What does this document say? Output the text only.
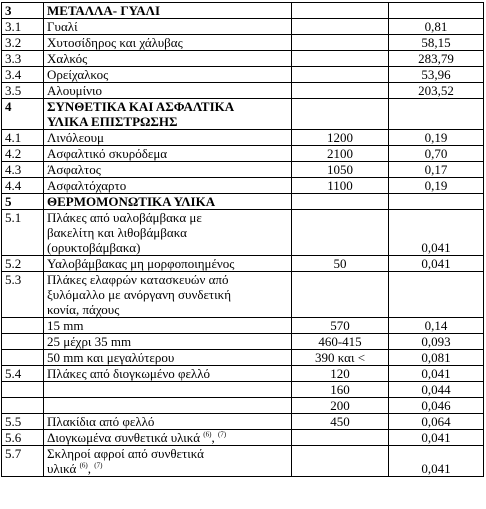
3	ΜΕΤΑΛΛΑ- ΓΥΑΛΙ		
3.1	Γυαλί		0,81
3.2	Χυτοσίδηρος και χάλυβας		58,15
3.3	Χαλκός		283,79
3.4	Ορείχαλκος		53,96
3.5	Αλουμίνιο		203,52
4	ΣΥΝΘΕΤΙΚΑ ΚΑΙ ΑΣΦΑΛΤΙΚΑ
ΥΛΙΚΑ ΕΠΙΣΤΡΩΣΗΣ		

4.1	Λινόλεουμ	1200	0,19
4.2	Ασφαλτικό σκυρόδεμα	2100	0,70
4.3	Άσφαλτος	1050	0,17
4.4	Ασφαλτόχαρτο	1100	0,19
5	ΘΕΡΜΟΜΟΝΩΤΙΚΑ ΥΛΙΚΑ		
5.1	Πλάκες από υαλοβάμβακα με
βακελίτη και λιθοβάμβακα
(ορυκτοβάμβακα)		0,041
5.2	Υαλοβάμβακας μη μορφοποιημένος	50	0,041
5.3	Πλάκες ελαφρών κατασκευών από
ξυλόμαλλο με ανόργανη συνδετική
κονία, πάχους		

	15 mm	570	0,14
	25 μέχρι 35 mm	460-415	0,093
	50 mm και μεγαλύτερου	390 και <	0,081
5.4	Πλάκες από διογκωμένο φελλό	120	0,041
		160	0,044
		200	0,046
5.5	Πλακίδια από φελλό	450	0,064
5.6	Διογκωμένα συνθετικά υλικά $^{(6)}$, $^{(7)}$		0,041
5.7	Σκληροί αφροί από συνθετικά
υλικά $^{(6)}$, $^{(7)}$		0,041
